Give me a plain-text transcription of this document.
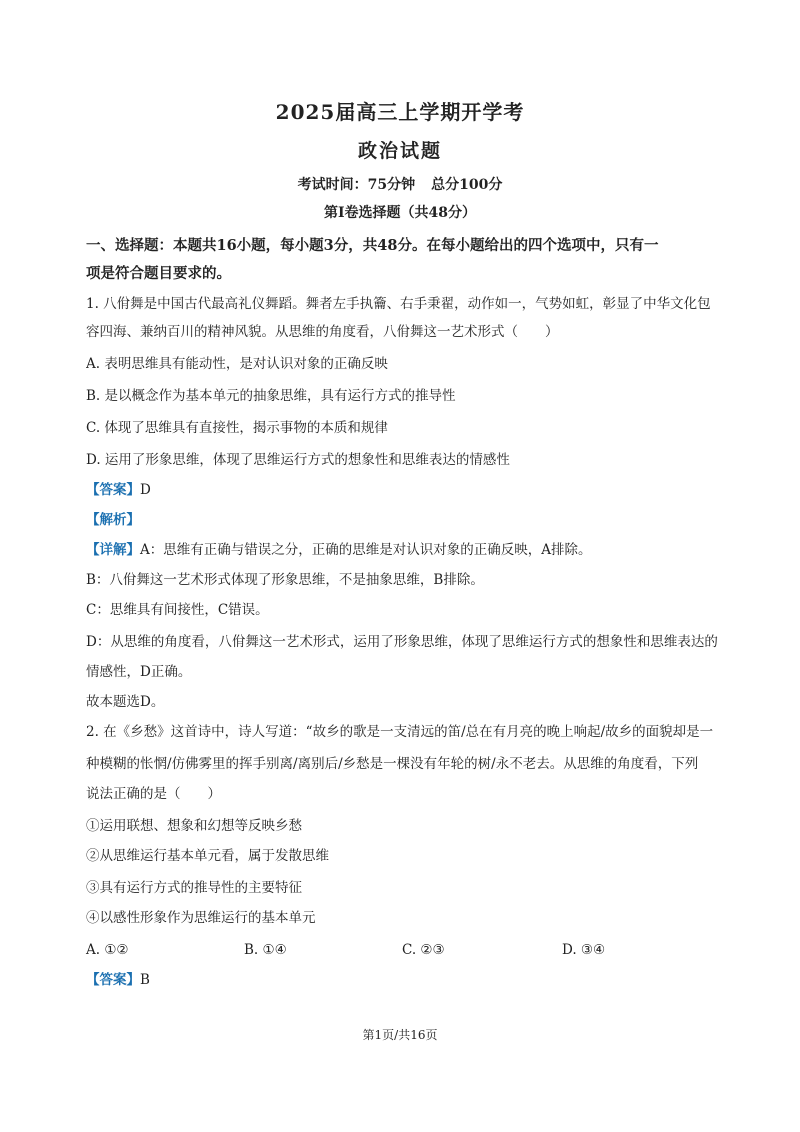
2025届高三上学期开学考
政治试题
考试时间：75分钟 总分100分
第Ⅰ卷选择题（共48分）
一、选择题：本题共16小题，每小题3分，共48分。在每小题给出的四个选项中，只有一
项是符合题目要求的。
1. 八佾舞是中国古代最高礼仪舞蹈。舞者左手执籥、右手秉翟，动作如一，气势如虹，彰显了中华文化包
容四海、兼纳百川的精神风貌。从思维的角度看，八佾舞这一艺术形式（　　）
A. 表明思维具有能动性，是对认识对象的正确反映
B. 是以概念作为基本单元的抽象思维，具有运行方式的推导性
C. 体现了思维具有直接性，揭示事物的本质和规律
D. 运用了形象思维，体现了思维运行方式的想象性和思维表达的情感性
【答案】D
【解析】
【详解】A：思维有正确与错误之分，正确的思维是对认识对象的正确反映，A排除。
B：八佾舞这一艺术形式体现了形象思维，不是抽象思维，B排除。
C：思维具有间接性，C错误。
D：从思维的角度看，八佾舞这一艺术形式，运用了形象思维，体现了思维运行方式的想象性和思维表达的
情感性，D正确。
故本题选D。
2. 在《乡愁》这首诗中，诗人写道：“故乡的歌是一支清远的笛/总在有月亮的晚上响起/故乡的面貌却是一
种模糊的怅惘/仿佛雾里的挥手别离/离别后/乡愁是一棵没有年轮的树/永不老去。从思维的角度看，下列
说法正确的是（　　）
①运用联想、想象和幻想等反映乡愁
②从思维运行基本单元看，属于发散思维
③具有运行方式的推导性的主要特征
④以感性形象作为思维运行的基本单元
A. ①②	B. ①④	C. ②③	D. ③④
【答案】B
第1页/共16页
